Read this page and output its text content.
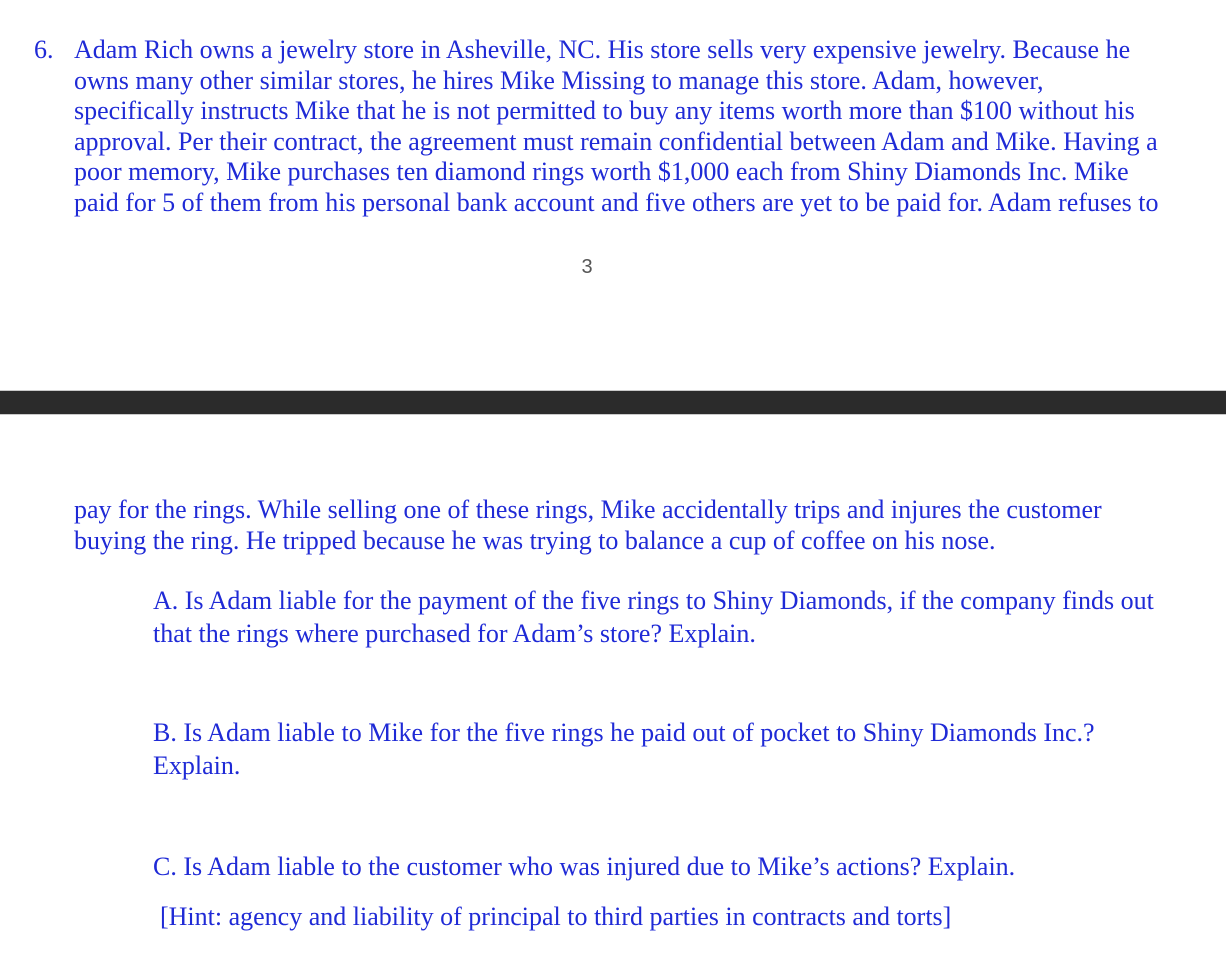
6. Adam Rich owns a jewelry store in Asheville, NC. His store sells very expensive jewelry. Because he
owns many other similar stores, he hires Mike Missing to manage this store. Adam, however,
specifically instructs Mike that he is not permitted to buy any items worth more than $100 without his
approval. Per their contract, the agreement must remain confidential between Adam and Mike. Having a
poor memory, Mike purchases ten diamond rings worth $1,000 each from Shiny Diamonds Inc. Mike
paid for 5 of them from his personal bank account and five others are yet to be paid for. Adam refuses to

3

pay for the rings. While selling one of these rings, Mike accidentally trips and injures the customer
buying the ring. He tripped because he was trying to balance a cup of coffee on his nose.

A. Is Adam liable for the payment of the five rings to Shiny Diamonds, if the company finds out
that the rings where purchased for Adam’s store? Explain.

B. Is Adam liable to Mike for the five rings he paid out of pocket to Shiny Diamonds Inc.?
Explain.

C. Is Adam liable to the customer who was injured due to Mike’s actions? Explain.

[Hint: agency and liability of principal to third parties in contracts and torts]
